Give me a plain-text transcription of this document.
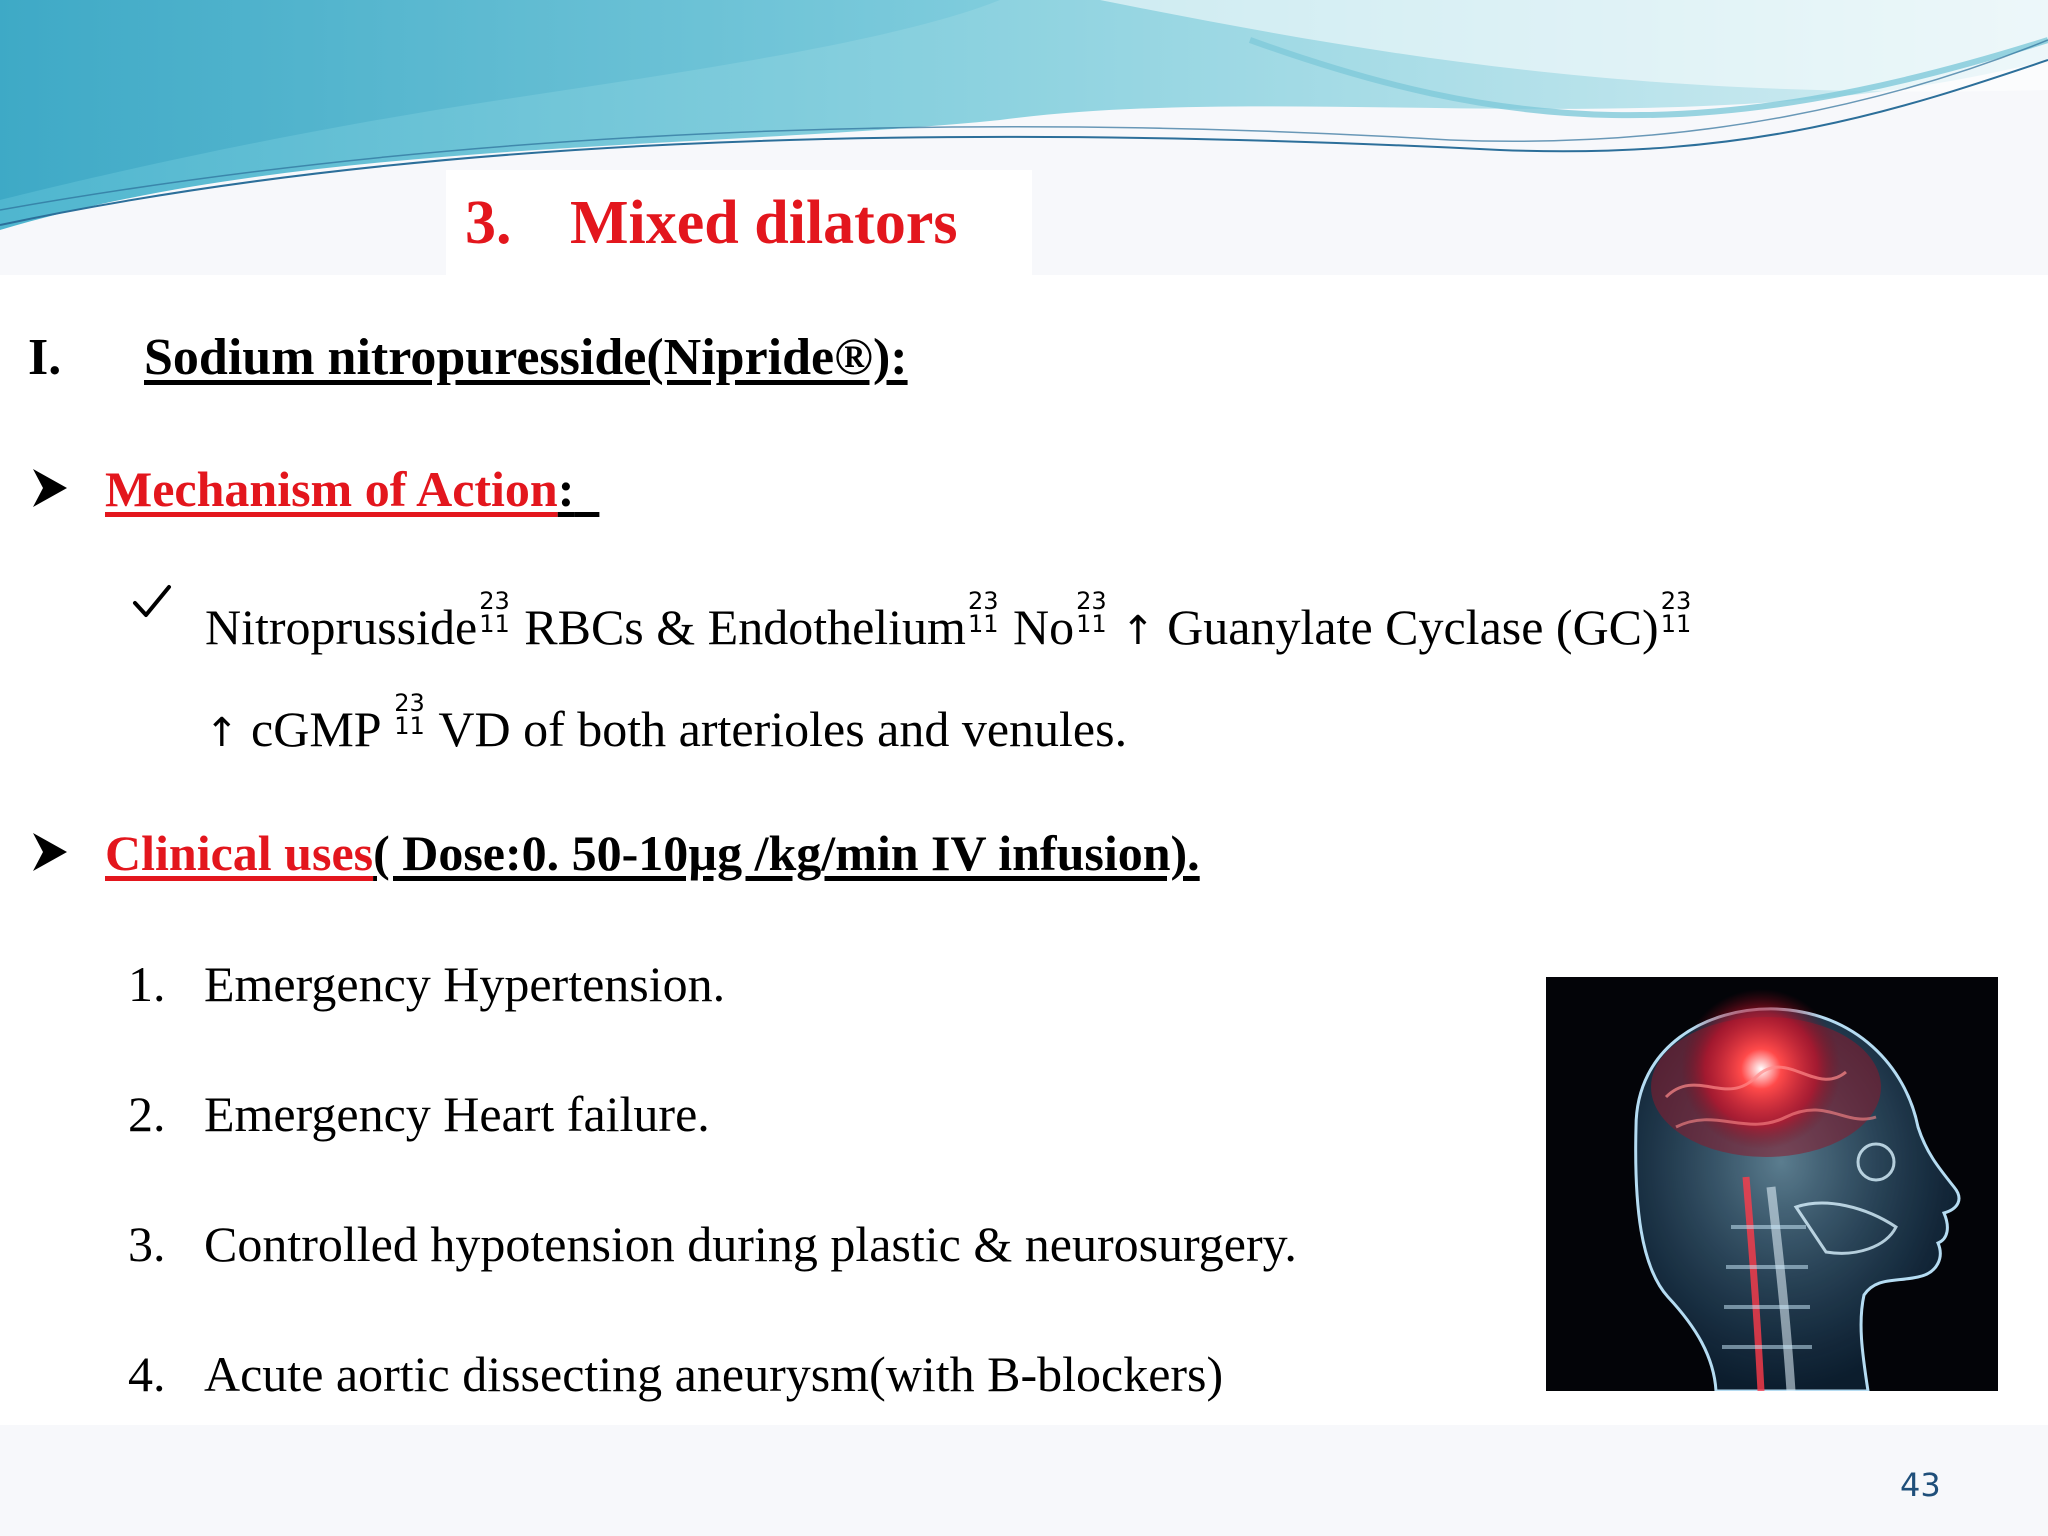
3. Mixed dilators
I. Sodium nitropuresside(Nipride®):
Mechanism of Action:
Nitroprusside 23
11 RBCs & Endothelium 23
11 No 23
11 ↑ Guanylate Cyclase (GC) 23
11
↑ cGMP 23
11 VD of both arterioles and venules.
Clinical uses( Dose:0. 50-10µg /kg/min IV infusion).
1. Emergency Hypertension.
2. Emergency Heart failure.
3. Controlled hypotension during plastic & neurosurgery.
4. Acute aortic dissecting aneurysm(with B-blockers)
43
